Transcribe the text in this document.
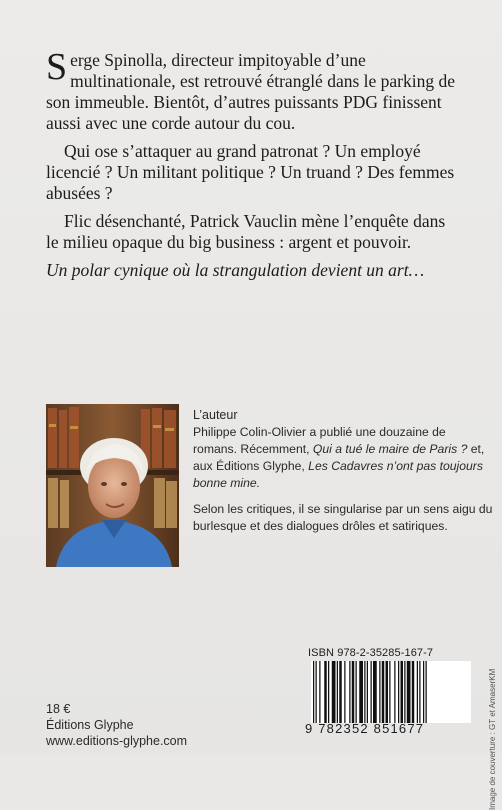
Serge Spinolla, directeur impitoyable d’une multinationale, est retrouvé étranglé dans le parking de son immeuble. Bientôt, d’autres puissants PDG finissent aussi avec une corde autour du cou.

Qui ose s’attaquer au grand patronat ? Un employé licencié ? Un militant politique ? Un truand ? Des femmes abusées ?

Flic désenchanté, Patrick Vauclin mène l’enquête dans le milieu opaque du big business : argent et pouvoir.

Un polar cynique où la strangulation devient un art…

L’auteur

Philippe Colin-Olivier a publié une douzaine de romans. Récemment, Qui a tué le maire de Paris ? et, aux Éditions Glyphe, Les Cadavres n’ont pas toujours bonne mine.

Selon les critiques, il se singularise par un sens aigu du burlesque et des dialogues drôles et satiriques.

ISBN 978-2-35285-167-7
9 782352 851677
18 €
Éditions Glyphe
www.editions-glyphe.com	Image de couverture : GT et AmaserKM
